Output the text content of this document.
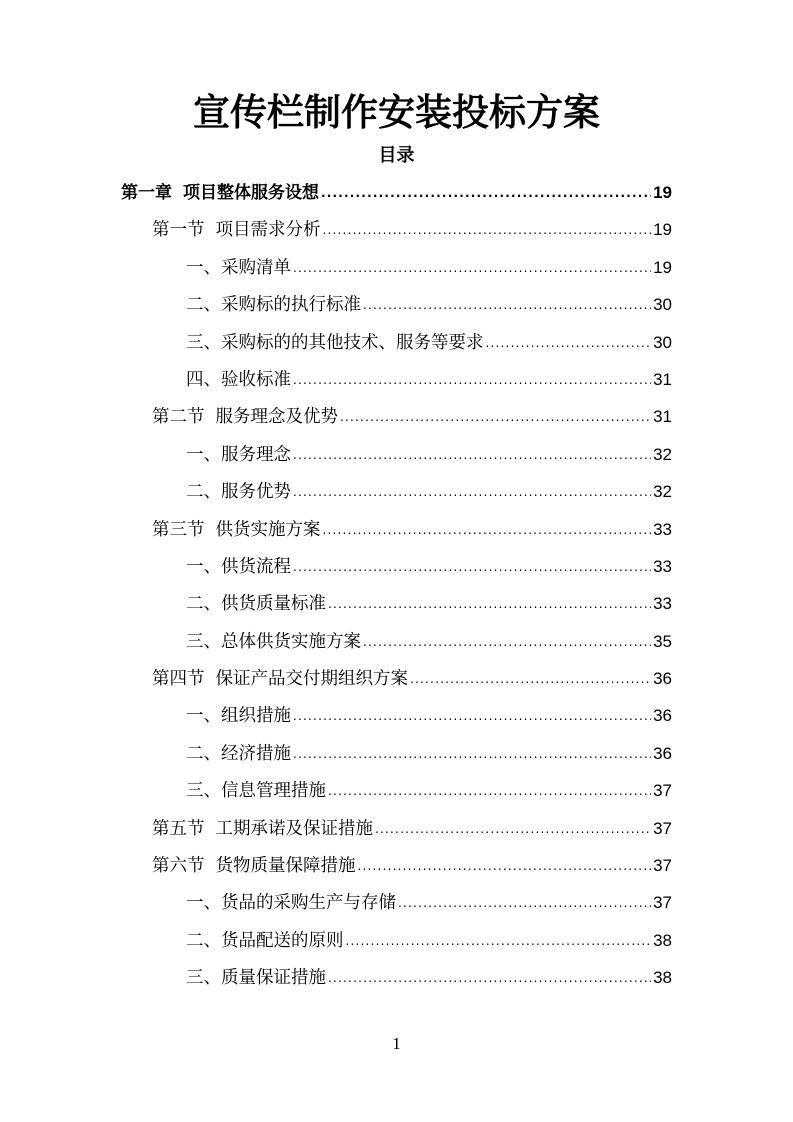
宣传栏制作安装投标方案
目录
第一章 项目整体服务设想 .....	19
第一节 项目需求分析 .....	19
一、采购清单 .....	19
二、采购标的执行标准 .....	30
三、采购标的的其他技术、服务等要求 .....	30
四、验收标准 .....	31
第二节 服务理念及优势 .....	31
一、服务理念 .....	32
二、服务优势 .....	32
第三节 供货实施方案 .....	33
一、供货流程 .....	33
二、供货质量标准 .....	33
三、总体供货实施方案 .....	35
第四节 保证产品交付期组织方案 .....	36
一、组织措施 .....	36
二、经济措施 .....	36
三、信息管理措施 .....	37
第五节 工期承诺及保证措施 .....	37
第六节 货物质量保障措施 .....	37
一、货品的采购生产与存储 .....	37
二、货品配送的原则 .....	38
三、质量保证措施 .....	38
1
